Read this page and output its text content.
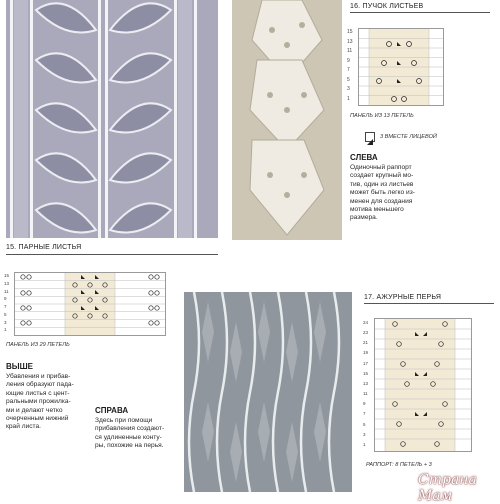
15. ПАРНЫЕ ЛИСТЬЯ
16. ПУЧОК ЛИСТЬЕВ
15
13
11
9
7
5
3
1
ПАНЕЛЬ ИЗ 13 ПЕТЕЛЬ
3 ВМЕСТЕ ЛИЦЕВОЙ
СЛЕВА
Одиночный раппорт
создает крупный мо-
тив, один из листьев
может быть легко из-
менен для создания
мотива меньшего
размера.
15
13
11
9
7
5
3
1
ПАНЕЛЬ ИЗ 29 ПЕТЕЛЬ
ВЫШЕ
Убавления и прибав-
ления образуют пада-
ющие листья с цент-
ральными прожилка-
ми и делают четко
очерченным нижний
край листа.
СПРАВА
Здесь при помощи
прибавления создают-
ся удлиненные конту-
ры, похожие на перья.
17. АЖУРНЫЕ ПЕРЬЯ
24
23
21
19
17
15
13
11
9
7
5
3
1
РАППОРТ: 8 ПЕТЕЛЬ + 3
Страна Мам
